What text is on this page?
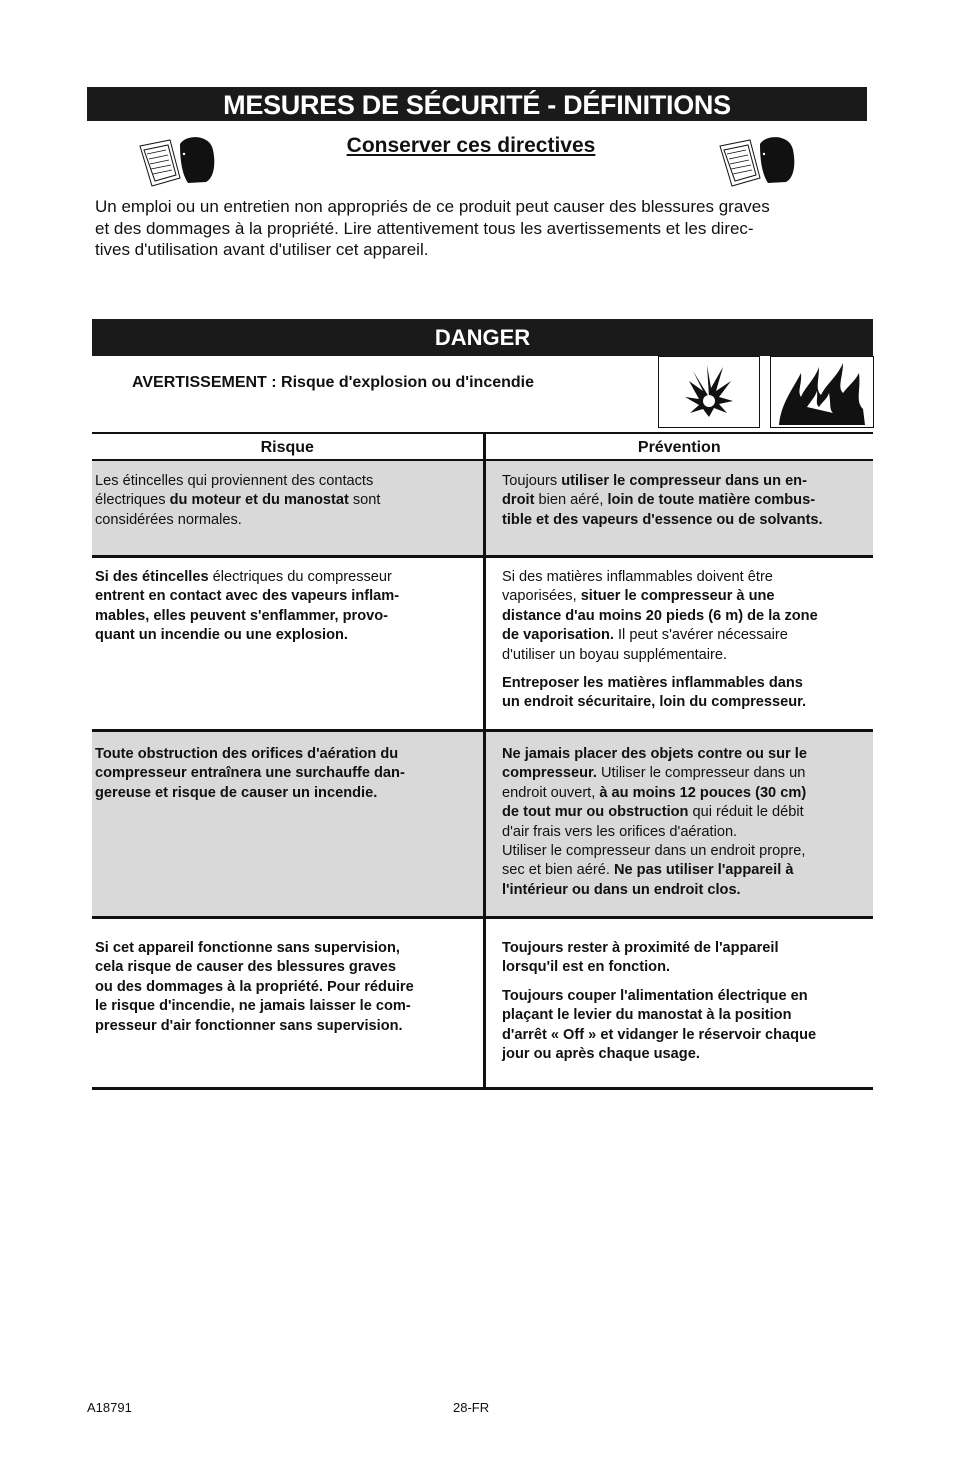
MESURES DE SÉCURITÉ - DÉFINITIONS
Conserver ces directives
Un emploi ou un entretien non appropriés de ce produit peut causer des blessures graves
et des dommages à la propriété. Lire attentivement tous les avertissements et les direc-
tives d'utilisation avant d'utiliser cet appareil.
DANGER
AVERTISSEMENT : Risque d'explosion ou d'incendie
Risque	Prévention
Les étincelles qui proviennent des contacts
électriques du moteur et du manostat sont
considérées normales.
Toujours utiliser le compresseur dans un en-
droit bien aéré, loin de toute matière combus-
tible et des vapeurs d'essence ou de solvants.
Si des étincelles électriques du compresseur
entrent en contact avec des vapeurs inflam-
mables, elles peuvent s'enflammer, provo-
quant un incendie ou une explosion.

Si des matières inflammables doivent être
vaporisées, situer le compresseur à une
distance d'au moins 20 pieds (6 m) de la zone
de vaporisation. Il peut s'avérer nécessaire
d'utiliser un boyau supplémentaire.

Entreposer les matières inflammables dans
un endroit sécuritaire, loin du compresseur.

Toute obstruction des orifices d'aération du
compresseur entraînera une surchauffe dan-
gereuse et risque de causer un incendie.
Ne jamais placer des objets contre ou sur le
compresseur. Utiliser le compresseur dans un
endroit ouvert, à au moins 12 pouces (30 cm)
de tout mur ou obstruction qui réduit le débit
d'air frais vers les orifices d'aération.
Utiliser le compresseur dans un endroit propre,
sec et bien aéré. Ne pas utiliser l'appareil à
l'intérieur ou dans un endroit clos.
Si cet appareil fonctionne sans supervision,
cela risque de causer des blessures graves
ou des dommages à la propriété. Pour réduire
le risque d'incendie, ne jamais laisser le com-
presseur d'air fonctionner sans supervision.

Toujours rester à proximité de l'appareil
lorsqu'il est en fonction.

Toujours couper l'alimentation électrique en
plaçant le levier du manostat à la position
d'arrêt « Off » et vidanger le réservoir chaque
jour ou après chaque usage.

A18791	28-FR
